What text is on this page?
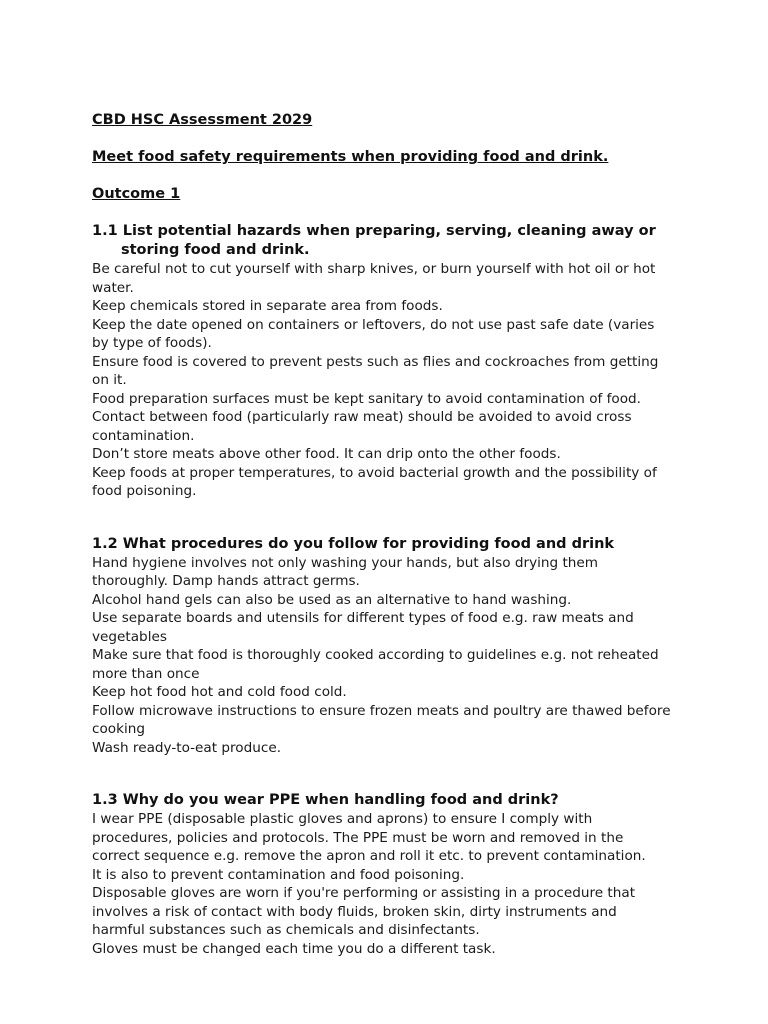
CBD HSC Assessment 2029

Meet food safety requirements when providing food and drink.

Outcome 1

1.1 List potential hazards when preparing, serving, cleaning away or storing food and drink.

Be careful not to cut yourself with sharp knives, or burn yourself with hot oil or hot water.

Keep chemicals stored in separate area from foods.

Keep the date opened on containers or leftovers, do not use past safe date (varies by type of foods).

Ensure food is covered to prevent pests such as flies and cockroaches from getting on it.

Food preparation surfaces must be kept sanitary to avoid contamination of food.

Contact between food (particularly raw meat) should be avoided to avoid cross contamination.

Don’t store meats above other food. It can drip onto the other foods.

Keep foods at proper temperatures, to avoid bacterial growth and the possibility of food poisoning.

1.2 What procedures do you follow for providing food and drink

Hand hygiene involves not only washing your hands, but also drying them thoroughly. Damp hands attract germs.

Alcohol hand gels can also be used as an alternative to hand washing.

Use separate boards and utensils for different types of food e.g. raw meats and vegetables

Make sure that food is thoroughly cooked according to guidelines e.g. not reheated more than once

Keep hot food hot and cold food cold.

Follow microwave instructions to ensure frozen meats and poultry are thawed before cooking

Wash ready-to-eat produce.

1.3 Why do you wear PPE when handling food and drink?

I wear PPE (disposable plastic gloves and aprons) to ensure I comply with procedures, policies and protocols. The PPE must be worn and removed in the correct sequence e.g. remove the apron and roll it etc. to prevent contamination.

It is also to prevent contamination and food poisoning.

Disposable gloves are worn if you're performing or assisting in a procedure that involves a risk of contact with body fluids, broken skin, dirty instruments and harmful substances such as chemicals and disinfectants.

Gloves must be changed each time you do a different task.
